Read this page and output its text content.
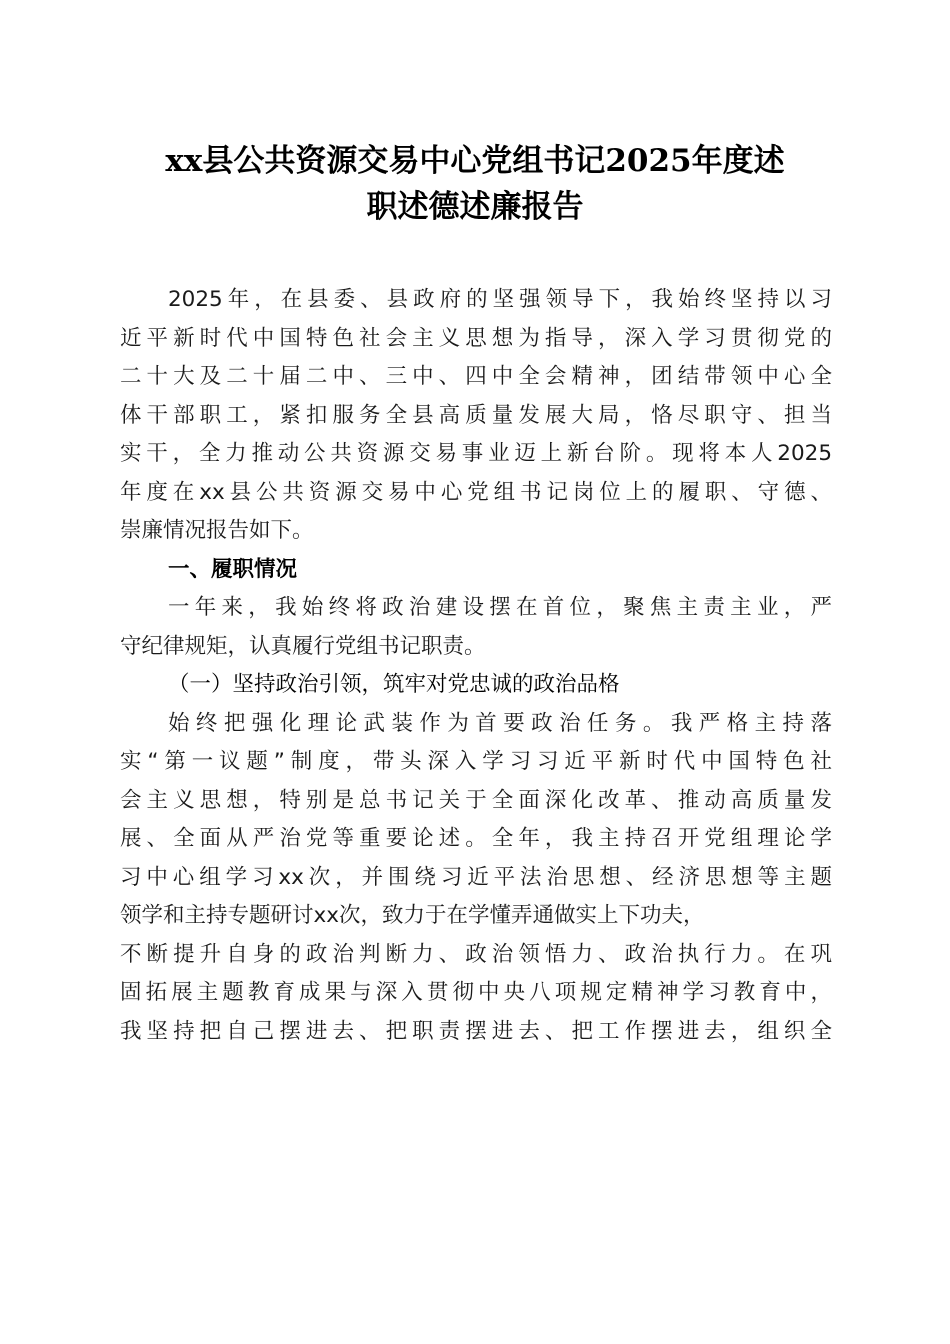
xx县公共资源交易中心党组书记2025年度述
职述德述廉报告
2025年，在县委、县政府的坚强领导下，我始终坚持以习
近平新时代中国特色社会主义思想为指导，深入学习贯彻党的
二十大及二十届二中、三中、四中全会精神，团结带领中心全
体干部职工，紧扣服务全县高质量发展大局，恪尽职守、担当
实干，全力推动公共资源交易事业迈上新台阶。现将本人2025
年度在xx县公共资源交易中心党组书记岗位上的履职、守德、
崇廉情况报告如下。
一、履职情况
一年来，我始终将政治建设摆在首位，聚焦主责主业，严
守纪律规矩，认真履行党组书记职责。
（一）坚持政治引领，筑牢对党忠诚的政治品格
始终把强化理论武装作为首要政治任务。我严格主持落
实“第一议题”制度，带头深入学习习近平新时代中国特色社
会主义思想，特别是总书记关于全面深化改革、推动高质量发
展、全面从严治党等重要论述。全年，我主持召开党组理论学
习中心组学习xx次，并围绕习近平法治思想、经济思想等主题
领学和主持专题研讨xx次，致力于在学懂弄通做实上下功夫，
不断提升自身的政治判断力、政治领悟力、政治执行力。在巩
固拓展主题教育成果与深入贯彻中央八项规定精神学习教育中，
我坚持把自己摆进去、把职责摆进去、把工作摆进去，组织全
